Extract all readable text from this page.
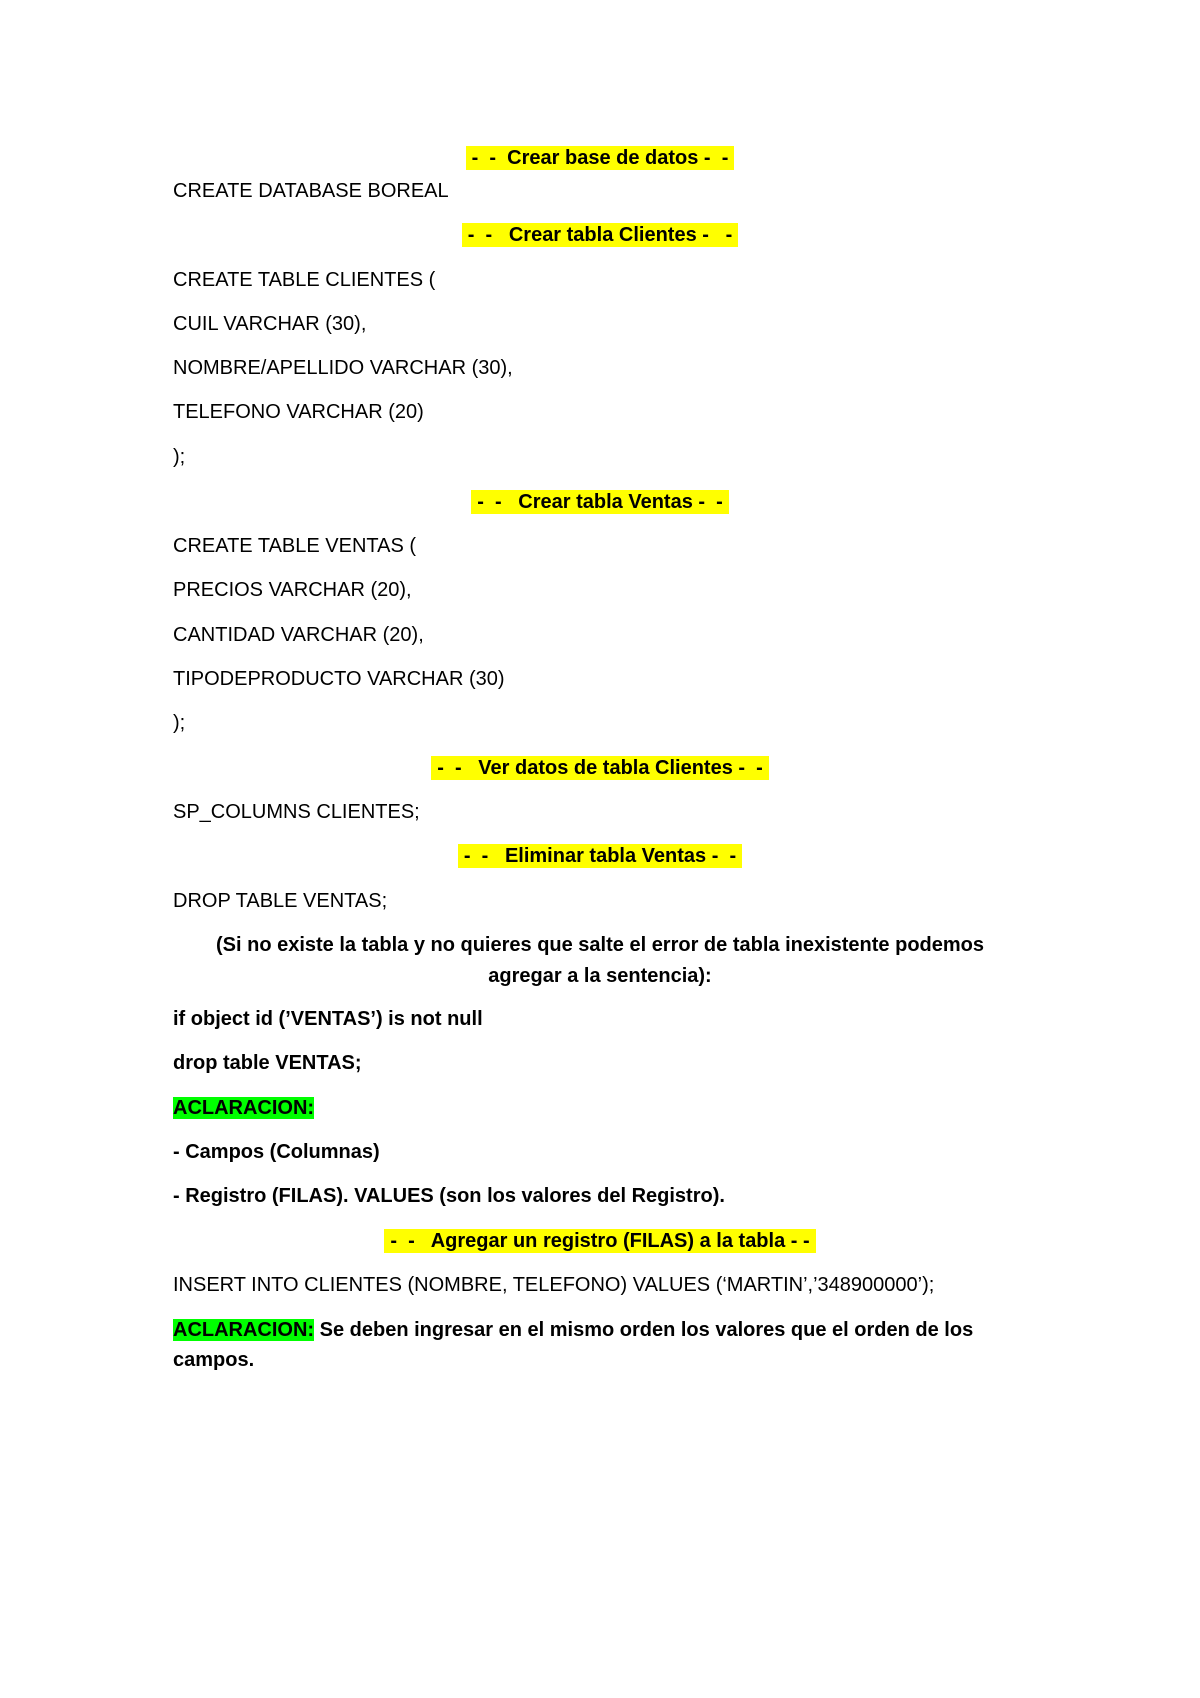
-  -  Crear base de datos -  -
CREATE DATABASE BOREAL
-  -   Crear tabla Clientes -   -
CREATE TABLE CLIENTES (
CUIL VARCHAR (30),
NOMBRE/APELLIDO VARCHAR (30),
TELEFONO VARCHAR (20)
);
-  -   Crear tabla Ventas -  -
CREATE TABLE VENTAS (
PRECIOS VARCHAR (20),
CANTIDAD VARCHAR (20),
TIPODEPRODUCTO VARCHAR (30)
);
-  -   Ver datos de tabla Clientes -  -
SP_COLUMNS CLIENTES;
-  -   Eliminar tabla Ventas -  -
DROP TABLE VENTAS;
(Si no existe la tabla y no quieres que salte el error de tabla inexistente podemos
agregar a la sentencia):
if object id (’VENTAS’) is not null
drop table VENTAS;
ACLARACION:
- Campos (Columnas)
- Registro (FILAS). VALUES (son los valores del Registro).
-  -   Agregar un registro (FILAS) a la tabla - -
INSERT INTO CLIENTES (NOMBRE, TELEFONO) VALUES (‘MARTIN’,’348900000’);
ACLARACION: Se deben ingresar en el mismo orden los valores que el orden de los campos.
